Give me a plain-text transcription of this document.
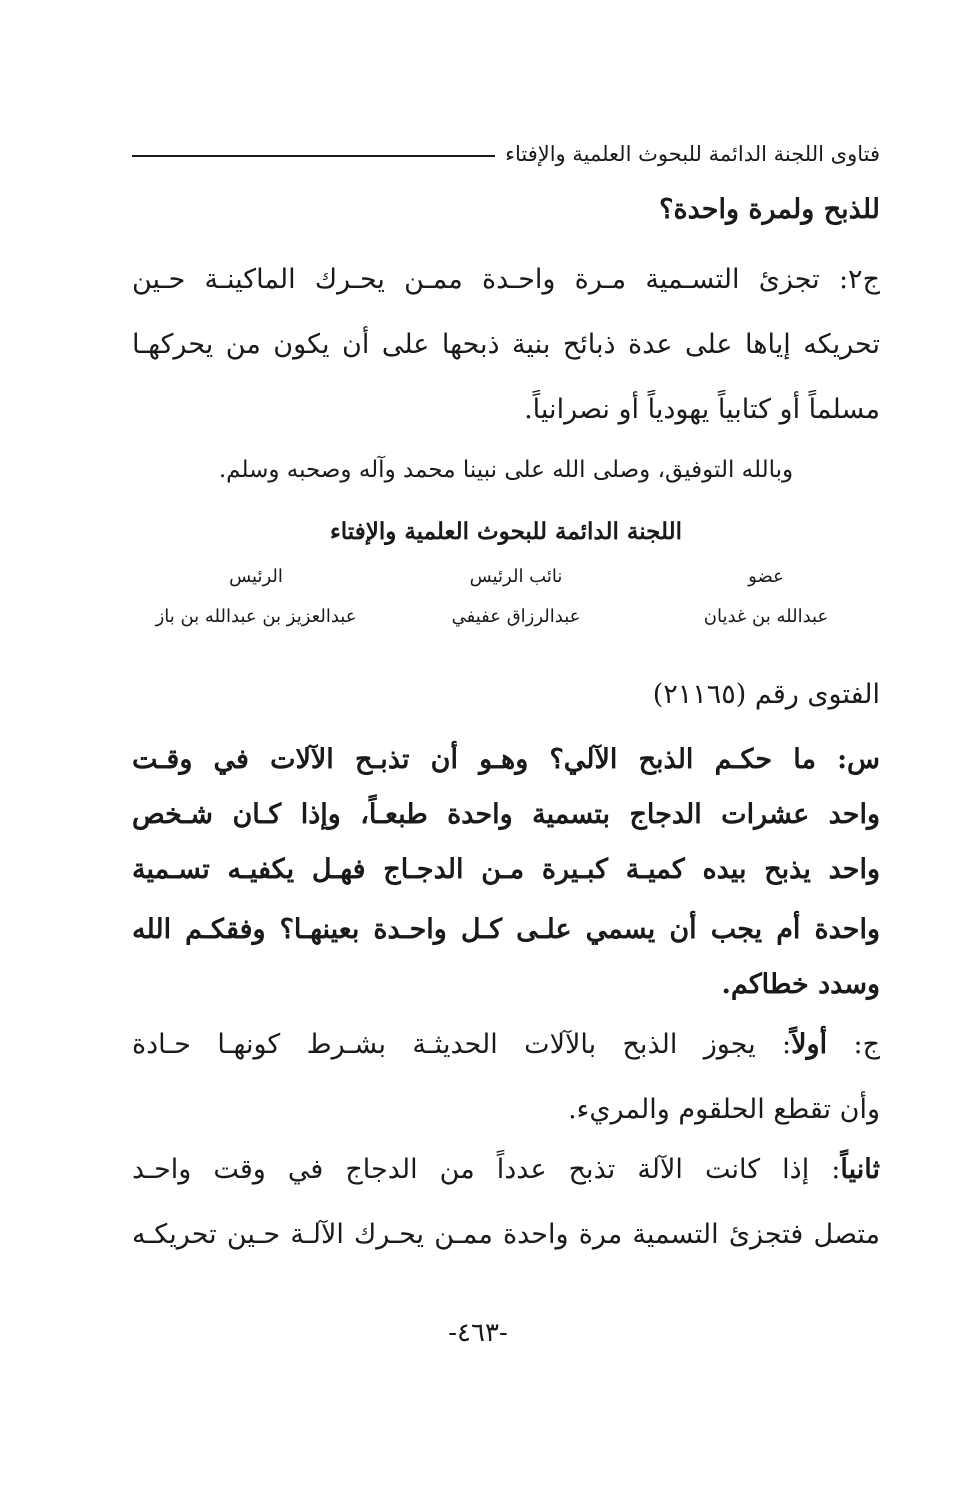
فتاوى اللجنة الدائمة للبحوث العلمية والإفتاء
للذبح ولمرة واحدة؟
ج٢: تجزئ التسـمية مـرة واحـدة ممـن يحـرك الماكينـة حـين
تحريكه إياها على عدة ذبائح بنية ذبحها على أن يكون من يحركهـا
مسلماً أو كتابياً يهودياً أو نصرانياً.
وبالله التوفيق، وصلى الله على نبينا محمد وآله وصحبه وسلم.
اللجنة الدائمة للبحوث العلمية والإفتاء
عضو
نائب الرئيس
الرئيس
عبدالله بن غديان
عبدالرزاق عفيفي
عبدالعزيز بن عبدالله بن باز
الفتوى رقم (٢١١٦٥)
س: ما حكـم الذبح الآلي؟ وهـو أن تذبـح الآلات في وقـت
واحد عشرات الدجاج بتسمية واحدة طبعـاً، وإذا كـان شـخص
واحد يذبح بيده كميـة كبـيرة مـن الدجـاج فهـل يكفيـه تسـمية
واحدة أم يجب أن يسمي علـى كـل واحـدة بعينهـا؟ وفقكـم الله
وسدد خطاكم.
ج: أولاً: يجوز الذبح بالآلات الحديثـة بشـرط كونهـا حـادة
وأن تقطع الحلقوم والمريء.
ثانياً: إذا كانت الآلة تذبح عدداً من الدجاج في وقت واحـد
متصل فتجزئ التسمية مرة واحدة ممـن يحـرك الآلـة حـين تحريكـه
-٤٦٣-
